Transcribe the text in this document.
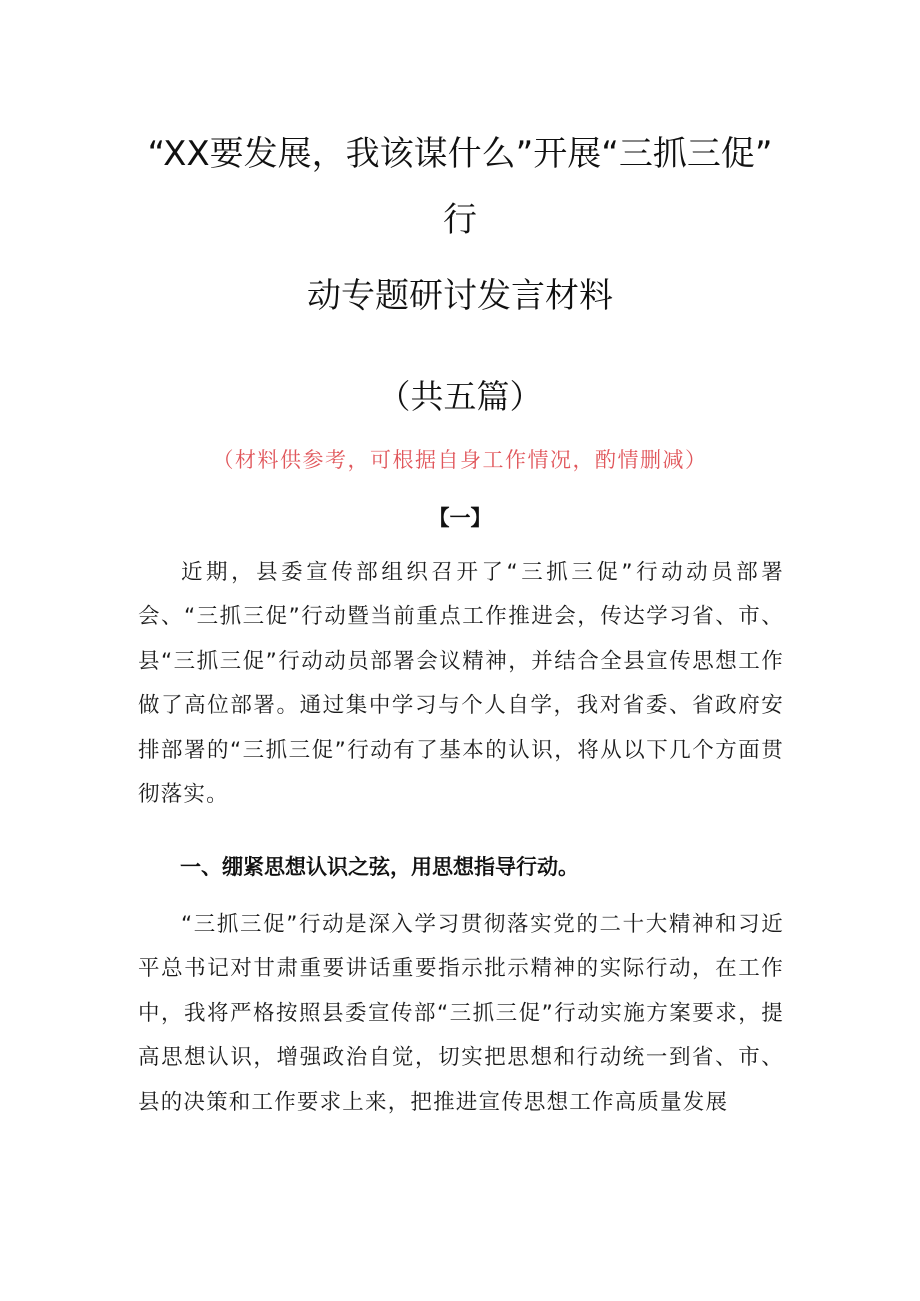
“XX要发展，我该谋什么”开展“三抓三促”
行
动专题研讨发言材料
（共五篇）
（材料供参考，可根据自身工作情况，酌情删减）
【一】
近期，县委宣传部组织召开了“三抓三促”行动动员部署会、“三抓三促”行动暨当前重点工作推进会，传达学习省、市、县“三抓三促”行动动员部署会议精神，并结合全县宣传思想工作做了高位部署。通过集中学习与个人自学，我对省委、省政府安排部署的“三抓三促”行动有了基本的认识，将从以下几个方面贯彻落实。
一、绷紧思想认识之弦，用思想指导行动。
“三抓三促”行动是深入学习贯彻落实党的二十大精神和习近平总书记对甘肃重要讲话重要指示批示精神的实际行动，在工作中，我将严格按照县委宣传部“三抓三促”行动实施方案要求，提高思想认识，增强政治自觉，切实把思想和行动统一到省、市、县的决策和工作要求上来，把推进宣传思想工作高质量发展
